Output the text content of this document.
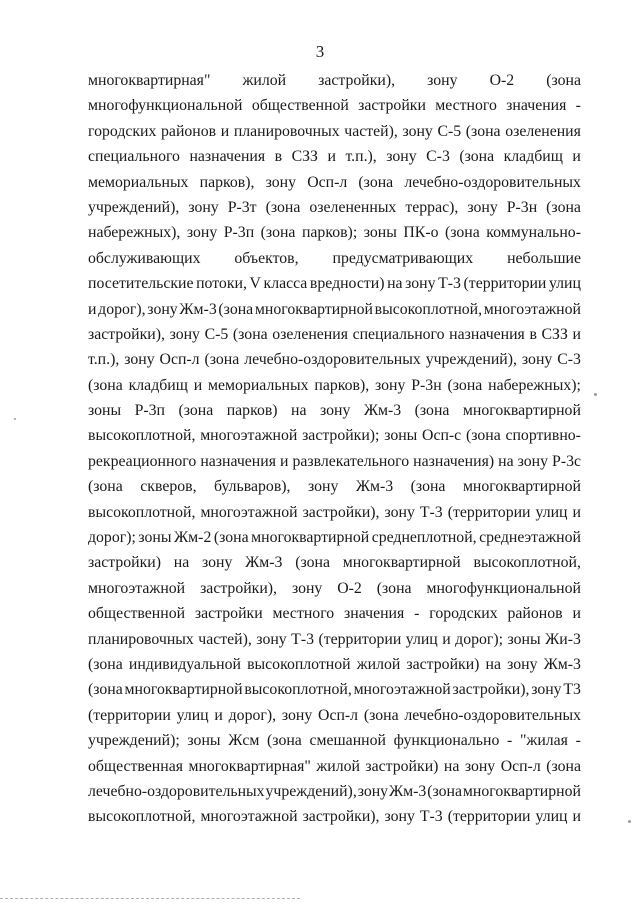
3
многоквартирная" жилой застройки), зону О-2 (зона
многофункциональной общественной застройки местного значения -
городских районов и планировочных частей), зону С-5 (зона озеленения
специального назначения в СЗЗ и т.п.), зону С-3 (зона кладбищ и
мемориальных парков), зону Осп-л (зона лечебно-оздоровительных
учреждений), зону Р-3т (зона озелененных террас), зону Р-3н (зона
набережных), зону Р-3п (зона парков); зоны ПК-о (зона коммунально-
обслуживающих объектов, предусматривающих небольшие
посетительские потоки, V класса вредности) на зону Т-3 (территории улиц
и дорог), зону Жм-3 (зона многоквартирной высокоплотной, многоэтажной
застройки), зону С-5 (зона озеленения специального назначения в СЗЗ и
т.п.), зону Осп-л (зона лечебно-оздоровительных учреждений), зону С-3
(зона кладбищ и мемориальных парков), зону Р-3н (зона набережных);
зоны Р-3п (зона парков) на зону Жм-3 (зона многоквартирной
высокоплотной, многоэтажной застройки); зоны Осп-с (зона спортивно-
рекреационного назначения и развлекательного назначения) на зону Р-3с
(зона скверов, бульваров), зону Жм-3 (зона многоквартирной
высокоплотной, многоэтажной застройки), зону Т-3 (территории улиц и
дорог); зоны Жм-2 (зона многоквартирной среднеплотной, среднеэтажной
застройки) на зону Жм-3 (зона многоквартирной высокоплотной,
многоэтажной застройки), зону О-2 (зона многофункциональной
общественной застройки местного значения - городских районов и
планировочных частей), зону Т-3 (территории улиц и дорог); зоны Жи-3
(зона индивидуальной высокоплотной жилой застройки) на зону Жм-3
(зона многоквартирной высокоплотной, многоэтажной застройки), зону Т3
(территории улиц и дорог), зону Осп-л (зона лечебно-оздоровительных
учреждений); зоны Жсм (зона смешанной функционально - "жилая -
общественная многоквартирная" жилой застройки) на зону Осп-л (зона
лечебно-оздоровительных учреждений), зону Жм-3 (зона многоквартирной
высокоплотной, многоэтажной застройки), зону Т-3 (территории улиц и
